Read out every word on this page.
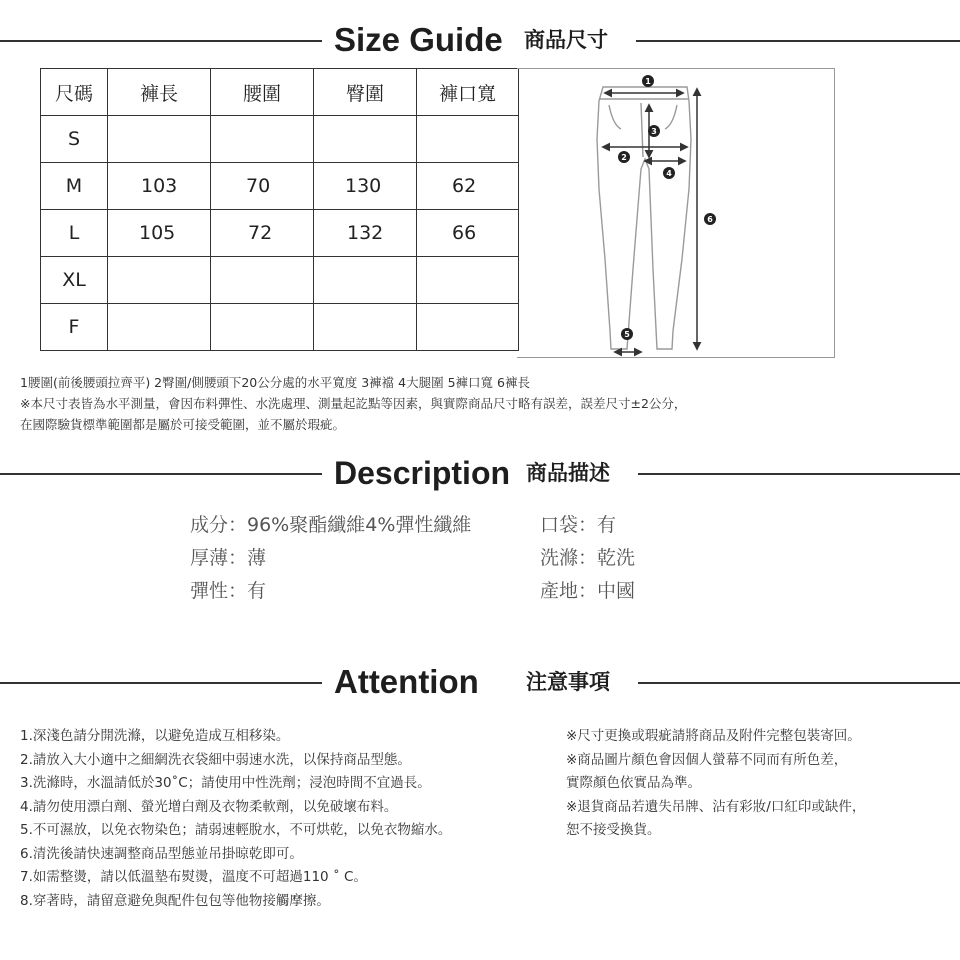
Size Guide 商品尺寸
尺碼	褲長	腰圍	臀圍	褲口寬
S				
M	103	70	130	62
L	105	72	132	66
XL				
F				
1
2
3
4
5
6
1腰圍(前後腰頭拉齊平) 2臀圍/側腰頭下20公分處的水平寬度 3褲襠 4大腿圍 5褲口寬 6褲長
※本尺寸表皆為水平測量，會因布料彈性、水洗處理、測量起訖點等因素，與實際商品尺寸略有誤差，誤差尺寸±2公分，
在國際驗貨標準範圍都是屬於可接受範圍，並不屬於瑕疵。
Description 商品描述
成分：96%聚酯纖維4%彈性纖維
厚薄：薄
彈性：有
口袋：有
洗滌：乾洗
產地：中國
Attention 注意事項
1.深淺色請分開洗滌，以避免造成互相移染。
2.請放入大小適中之細網洗衣袋細中弱速水洗，以保持商品型態。
3.洗滌時，水溫請低於30˚C；請使用中性洗劑；浸泡時間不宜過長。
4.請勿使用漂白劑、螢光增白劑及衣物柔軟劑，以免破壞布料。
5.不可濕放，以免衣物染色；請弱速輕脫水，不可烘乾，以免衣物縮水。
6.清洗後請快速調整商品型態並吊掛晾乾即可。
7.如需整燙，請以低溫墊布熨燙，溫度不可超過110 ˚ C。
8.穿著時，請留意避免與配件包包等他物接觸摩擦。
※尺寸更換或瑕疵請將商品及附件完整包裝寄回。
※商品圖片顏色會因個人螢幕不同而有所色差，
實際顏色依實品為準。
※退貨商品若遺失吊牌、沾有彩妝/口紅印或缺件，
恕不接受換貨。
